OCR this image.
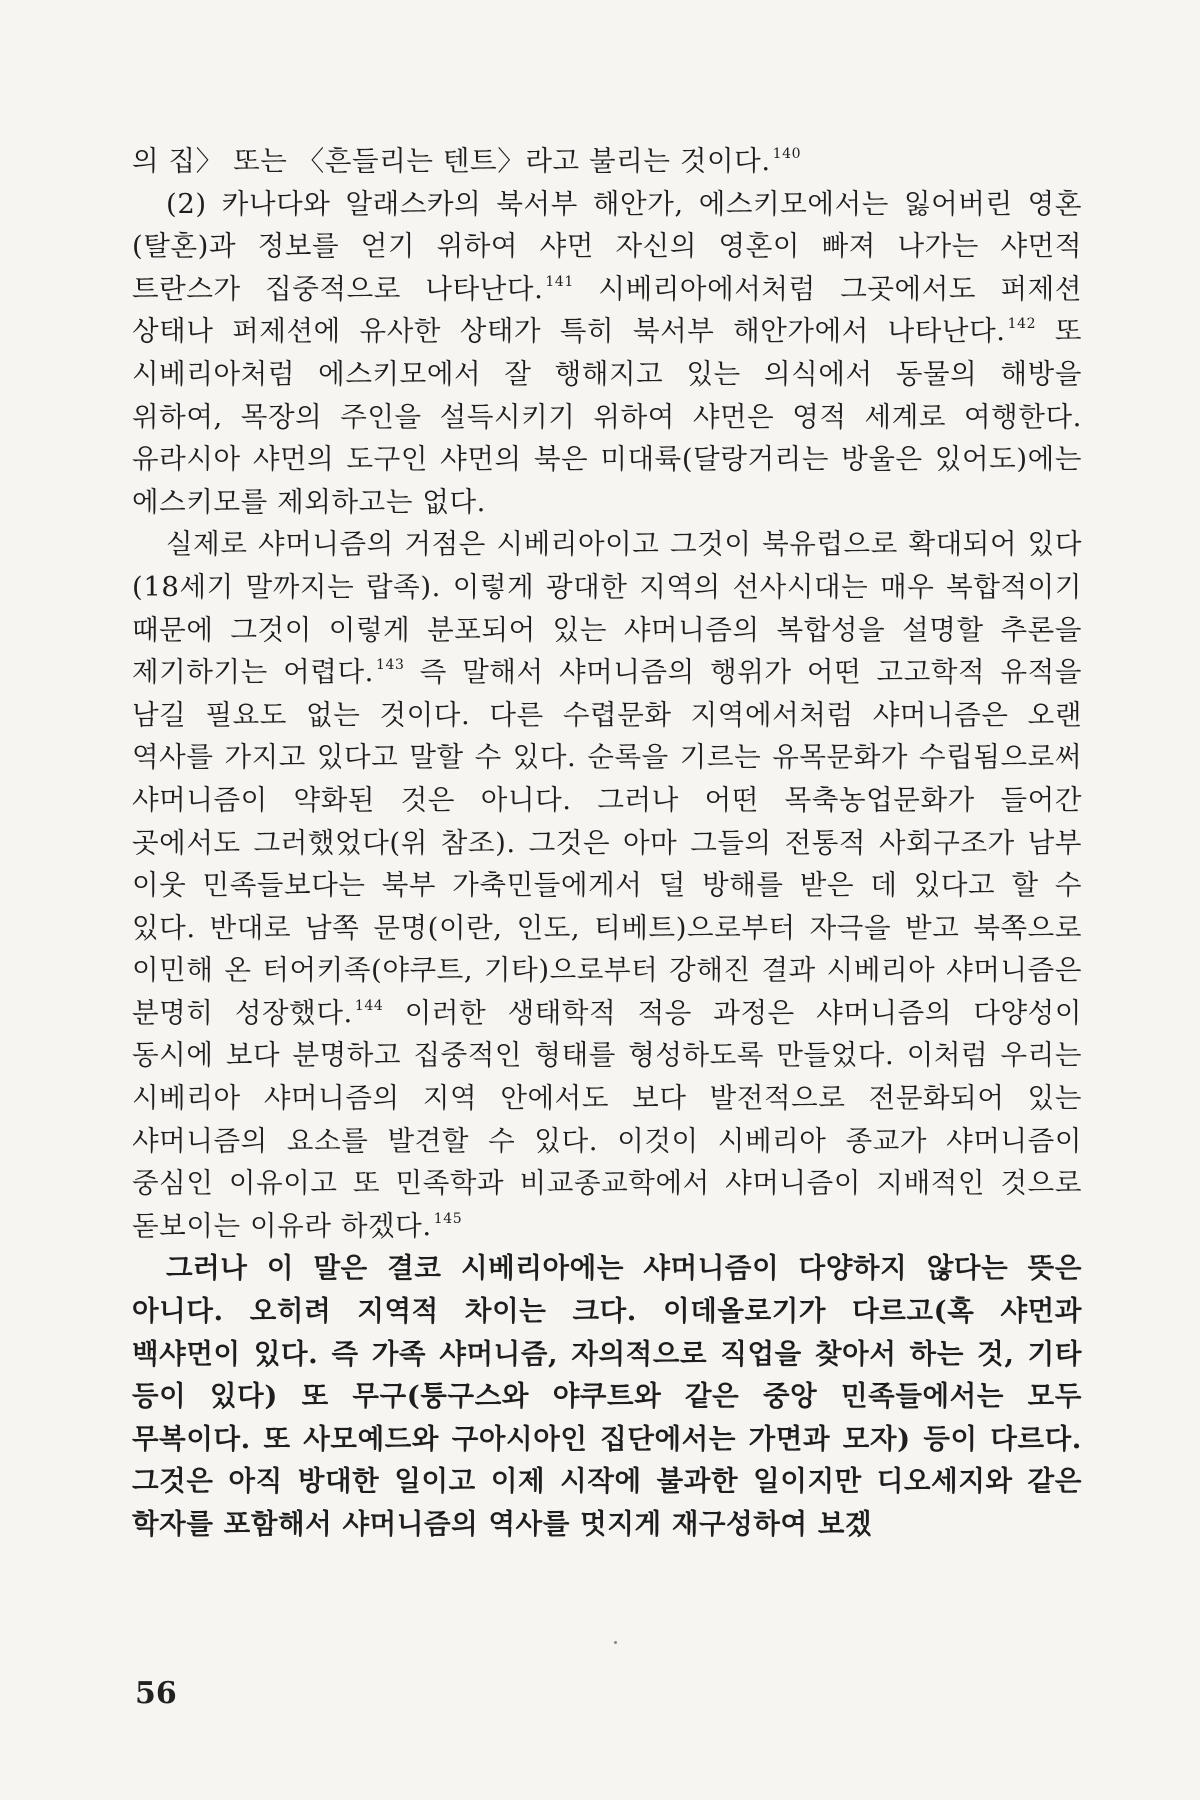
의 집〉 또는 〈흔들리는 텐트〉라고 불리는 것이다. $^{140}$

(2) 카나다와 알래스카의 북서부 해안가, 에스키모에서는 잃어버린 영혼(탈혼)과 정보를 얻기 위하여 샤먼 자신의 영혼이 빠져 나가는 샤먼적 트란스가 집중적으로 나타난다. $^{141}$ 시베리아에서처럼 그곳에서도 퍼제션 상태나 퍼제션에 유사한 상태가 특히 북서부 해안가에서 나타난다. $^{142}$ 또 시베리아처럼 에스키모에서 잘 행해지고 있는 의식에서 동물의 해방을 위하여, 목장의 주인을 설득시키기 위하여 샤먼은 영적 세계로 여행한다. 유라시아 샤먼의 도구인 샤먼의 북은 미대륙(달랑거리는 방울은 있어도)에는 에스키모를 제외하고는 없다.

실제로 샤머니즘의 거점은 시베리아이고 그것이 북유럽으로 확대되어 있다(18세기 말까지는 랍족). 이렇게 광대한 지역의 선사시대는 매우 복합적이기 때문에 그것이 이렇게 분포되어 있는 샤머니즘의 복합성을 설명할 추론을 제기하기는 어렵다. $^{143}$ 즉 말해서 샤머니즘의 행위가 어떤 고고학적 유적을 남길 필요도 없는 것이다. 다른 수렵문화 지역에서처럼 샤머니즘은 오랜 역사를 가지고 있다고 말할 수 있다. 순록을 기르는 유목문화가 수립됨으로써 샤머니즘이 약화된 것은 아니다. 그러나 어떤 목축농업문화가 들어간 곳에서도 그러했었다(위 참조). 그것은 아마 그들의 전통적 사회구조가 남부 이웃 민족들보다는 북부 가축민들에게서 덜 방해를 받은 데 있다고 할 수 있다. 반대로 남쪽 문명(이란, 인도, 티베트)으로부터 자극을 받고 북쪽으로 이민해 온 터어키족(야쿠트, 기타)으로부터 강해진 결과 시베리아 샤머니즘은 분명히 성장했다. $^{144}$ 이러한 생태학적 적응 과정은 샤머니즘의 다양성이 동시에 보다 분명하고 집중적인 형태를 형성하도록 만들었다. 이처럼 우리는 시베리아 샤머니즘의 지역 안에서도 보다 발전적으로 전문화되어 있는 샤머니즘의 요소를 발견할 수 있다. 이것이 시베리아 종교가 샤머니즘이 중심인 이유이고 또 민족학과 비교종교학에서 샤머니즘이 지배적인 것으로 돋보이는 이유라 하겠다. $^{145}$

그러나 이 말은 결코 시베리아에는 샤머니즘이 다양하지 않다는 뜻은 아니다. 오히려 지역적 차이는 크다. 이데올로기가 다르고(혹 샤먼과 백샤먼이 있다. 즉 가족 샤머니즘, 자의적으로 직업을 찾아서 하는 것, 기타 등이 있다) 또 무구(퉁구스와 야쿠트와 같은 중앙 민족들에서는 모두 무복이다. 또 사모예드와 구아시아인 집단에서는 가면과 모자) 등이 다르다. 그것은 아직 방대한 일이고 이제 시작에 불과한 일이지만 디오세지와 같은 학자를 포함해서 샤머니즘의 역사를 멋지게 재구성하여 보겠

56
